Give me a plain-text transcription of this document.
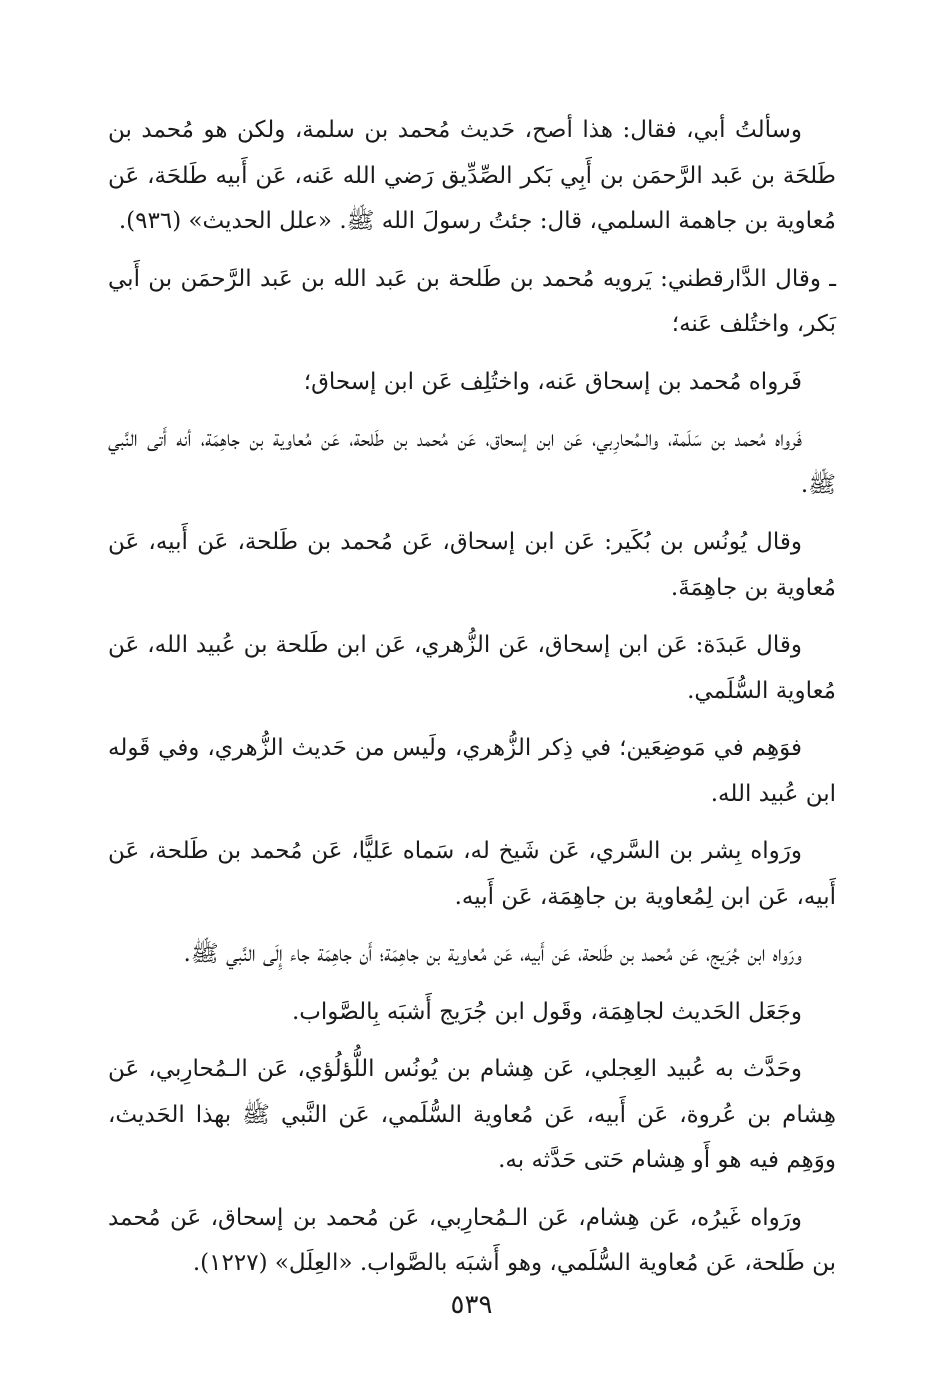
وسألتُ أبي، فقال: هذا أصح، حَديث مُحمد بن سلمة، ولكن هو مُحمد بن طَلحَة بن عَبد الرَّحمَن بن أَبِي بَكر الصِّدِّيق رَضي الله عَنه، عَن أَبيه طَلحَة، عَن مُعاوية بن جاهمة السلمي، قال: جئتُ رسولَ الله ﷺ. «علل الحديث» (٩٣٦).

ـ وقال الدَّارقطني: يَرويه مُحمد بن طَلحة بن عَبد الله بن عَبد الرَّحمَن بن أَبي بَكر، واختُلف عَنه؛

فَرواه مُحمد بن إسحاق عَنه، واختُلِف عَن ابن إسحاق؛

فَرواه مُحمد بن سَلَمة، والـمُحارِبي، عَن ابن إسحاق، عَن مُحمد بن طَلحة، عَن مُعاوية بن جاهِمَة، أنه أَتى النَّبي ﷺ.

وقال يُونُس بن بُكَير: عَن ابن إسحاق، عَن مُحمد بن طَلحة، عَن أَبيه، عَن مُعاوية بن جاهِمَةَ.

وقال عَبدَة: عَن ابن إسحاق، عَن الزُّهري، عَن ابن طَلحة بن عُبيد الله، عَن مُعاوية السُّلَمي.

فوَهِم في مَوضِعَين؛ في ذِكر الزُّهري، ولَيس من حَديث الزُّهري، وفي قَوله ابن عُبيد الله.

ورَواه بِشر بن السَّري، عَن شَيخ له، سَماه عَليًّا، عَن مُحمد بن طَلحة، عَن أَبيه، عَن ابن لِمُعاوية بن جاهِمَة، عَن أَبيه.

ورَواه ابن جُرَيج، عَن مُحمد بن طَلحة، عَن أَبيه، عَن مُعاوية بن جاهِمَة؛ أَن جاهِمَة جاء إِلَى النَّبي ﷺ.

وجَعَل الحَديث لجاهِمَة، وقَول ابن جُرَيج أَشبَه بِالصَّواب.

وحَدَّث به عُبيد العِجلي، عَن هِشام بن يُونُس اللُّؤلُؤي، عَن الـمُحارِبي، عَن هِشام بن عُروة، عَن أَبيه، عَن مُعاوية السُّلَمي، عَن النَّبي ﷺ بهذا الحَديث، ووَهِم فيه هو أَو هِشام حَتى حَدَّثه به.

ورَواه غَيرُه، عَن هِشام، عَن الـمُحارِبي، عَن مُحمد بن إسحاق، عَن مُحمد بن طَلحة، عَن مُعاوية السُّلَمي، وهو أَشبَه بالصَّواب. «العِلَل» (١٢٢٧).

٥٣٩
